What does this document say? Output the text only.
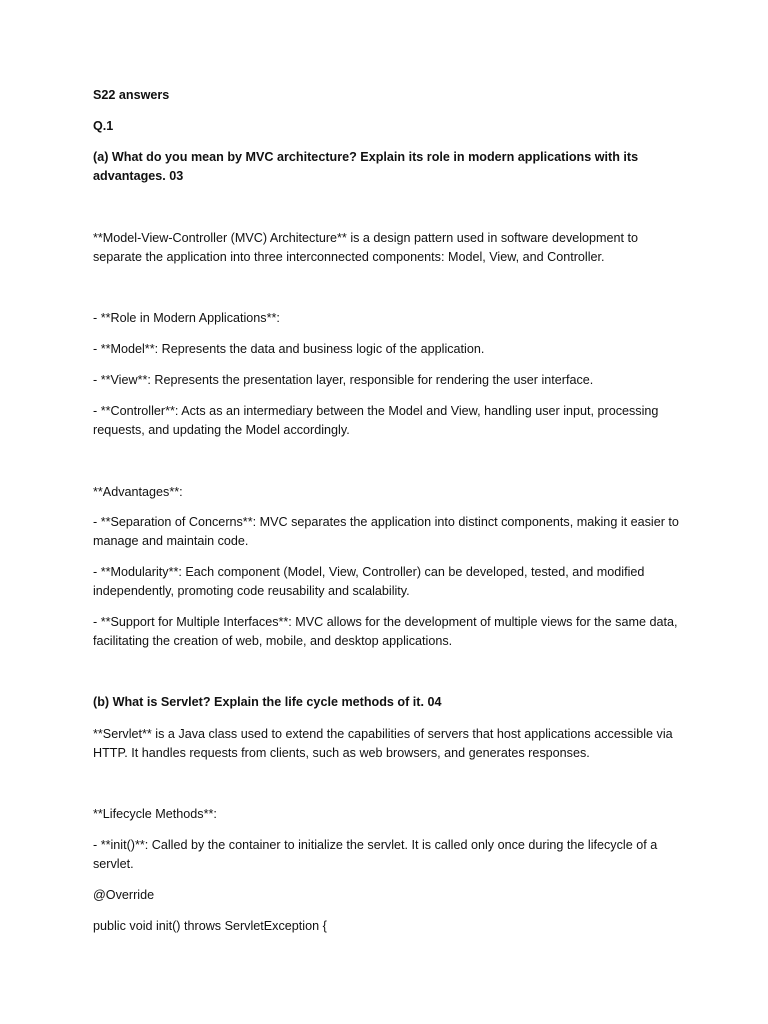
S22 answers
Q.1
(a) What do you mean by MVC architecture? Explain its role in modern applications with its advantages. 03
**Model-View-Controller (MVC) Architecture** is a design pattern used in software development to separate the application into three interconnected components: Model, View, and Controller.
- **Role in Modern Applications**:
- **Model**: Represents the data and business logic of the application.
- **View**: Represents the presentation layer, responsible for rendering the user interface.
- **Controller**: Acts as an intermediary between the Model and View, handling user input, processing requests, and updating the Model accordingly.
**Advantages**:
- **Separation of Concerns**: MVC separates the application into distinct components, making it easier to manage and maintain code.
- **Modularity**: Each component (Model, View, Controller) can be developed, tested, and modified independently, promoting code reusability and scalability.
- **Support for Multiple Interfaces**: MVC allows for the development of multiple views for the same data, facilitating the creation of web, mobile, and desktop applications.
(b) What is Servlet? Explain the life cycle methods of it. 04
**Servlet** is a Java class used to extend the capabilities of servers that host applications accessible via HTTP. It handles requests from clients, such as web browsers, and generates responses.
**Lifecycle Methods**:
- **init()**: Called by the container to initialize the servlet. It is called only once during the lifecycle of a servlet.
@Override
public void init() throws ServletException {
